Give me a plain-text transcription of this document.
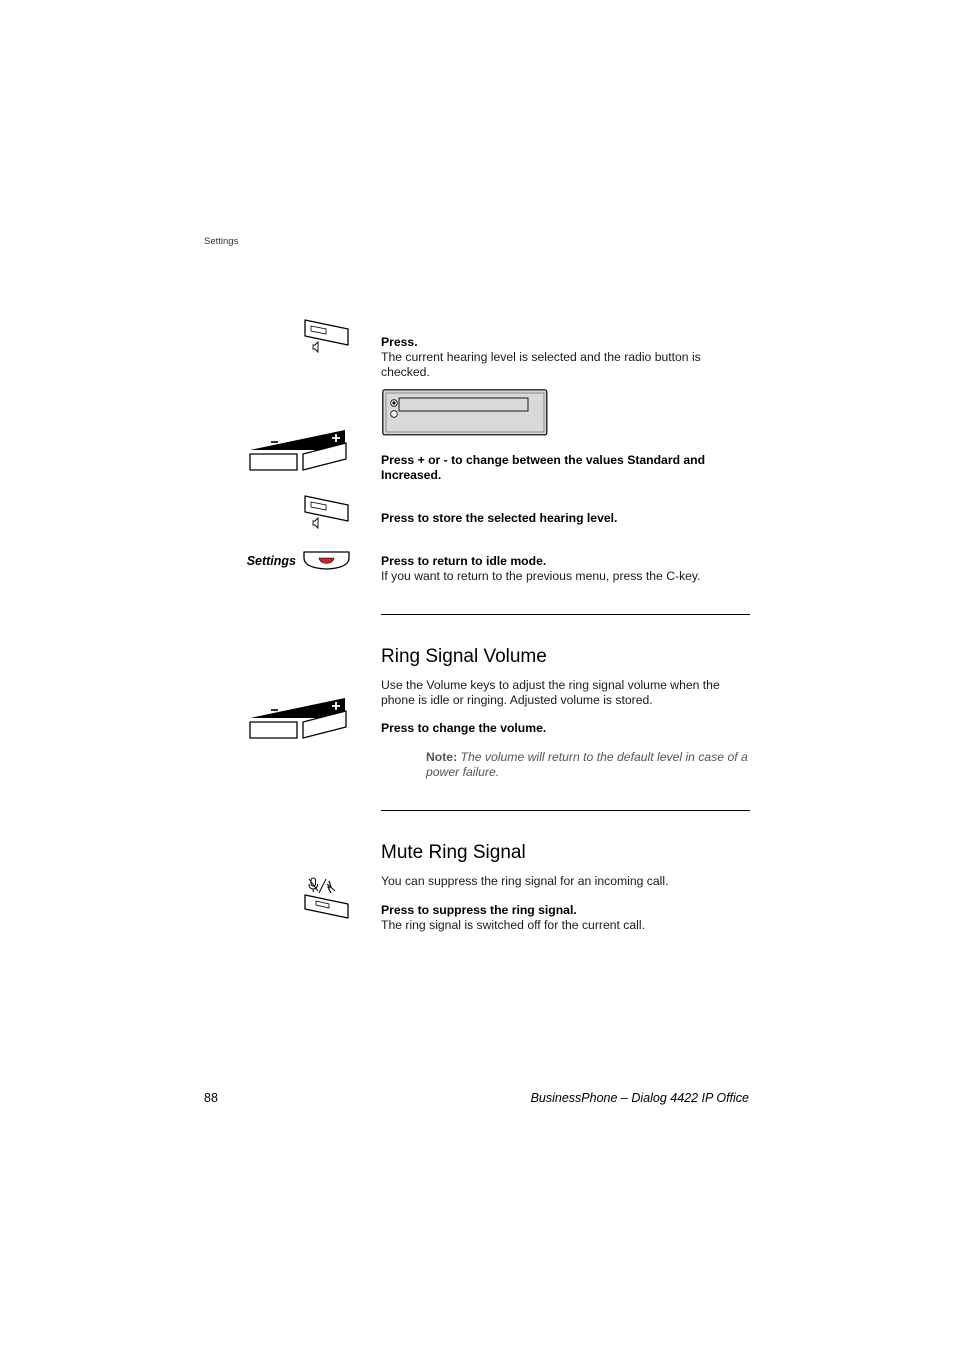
Settings
Press.
The current hearing level is selected and the radio button is checked.
Press + or - to change between the values Standard and Increased.
Press to store the selected hearing level.
Settings	Press to return to idle mode.
If you want to return to the previous menu, press the C-key.
Ring Signal Volume
Use the Volume keys to adjust the ring signal volume when the phone is idle or ringing. Adjusted volume is stored.
Press to change the volume.
Note: The volume will return to the default level in case of a power failure.
Mute Ring Signal
You can suppress the ring signal for an incoming call.
Press to suppress the ring signal.
The ring signal is switched off for the current call.
88	BusinessPhone – Dialog 4422 IP Office
